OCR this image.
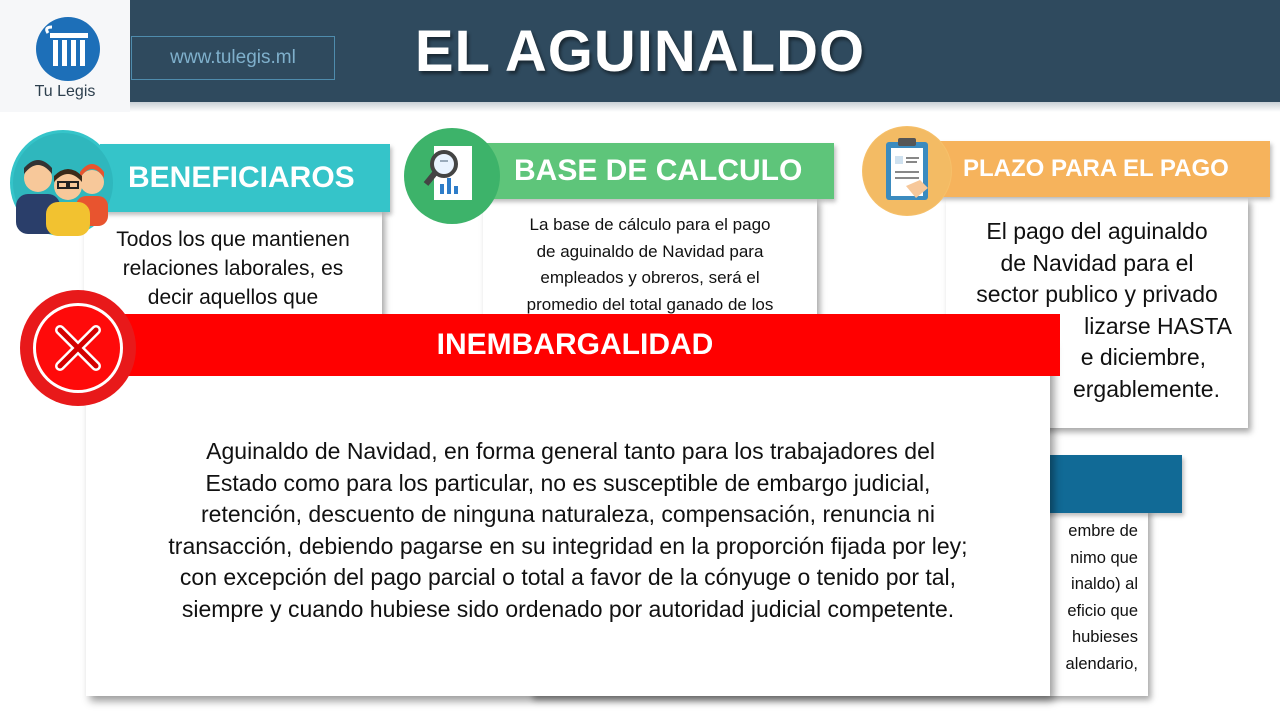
Tu Legis
www.tulegis.ml	EL AGUINALDO
Todos los que mantienen
relaciones laborales, es
decir aquellos que
BENEFICIAROS
La base de cálculo para el pago
de aguinaldo de Navidad para
empleados y obreros, será el
promedio del total ganado de los
BASE DE CALCULO
El pago del aguinaldo
de Navidad para el
sector publico y privado
lizarse HASTA
e diciembre,
ergablemente.
PLAZO PARA EL PAGO
embre de
nimo que
inaldo) al
eficio que
hubieses
alendario,
INEMBARGALIDAD
Aguinaldo de Navidad, en forma general tanto para los trabajadores del
Estado como para los particular, no es susceptible de embargo judicial,
retención, descuento de ninguna naturaleza, compensación, renuncia ni
transacción, debiendo pagarse en su integridad en la proporción fijada por ley;
con excepción del pago parcial o total a favor de la cónyuge o tenido por tal,
siempre y cuando hubiese sido ordenado por autoridad judicial competente.
